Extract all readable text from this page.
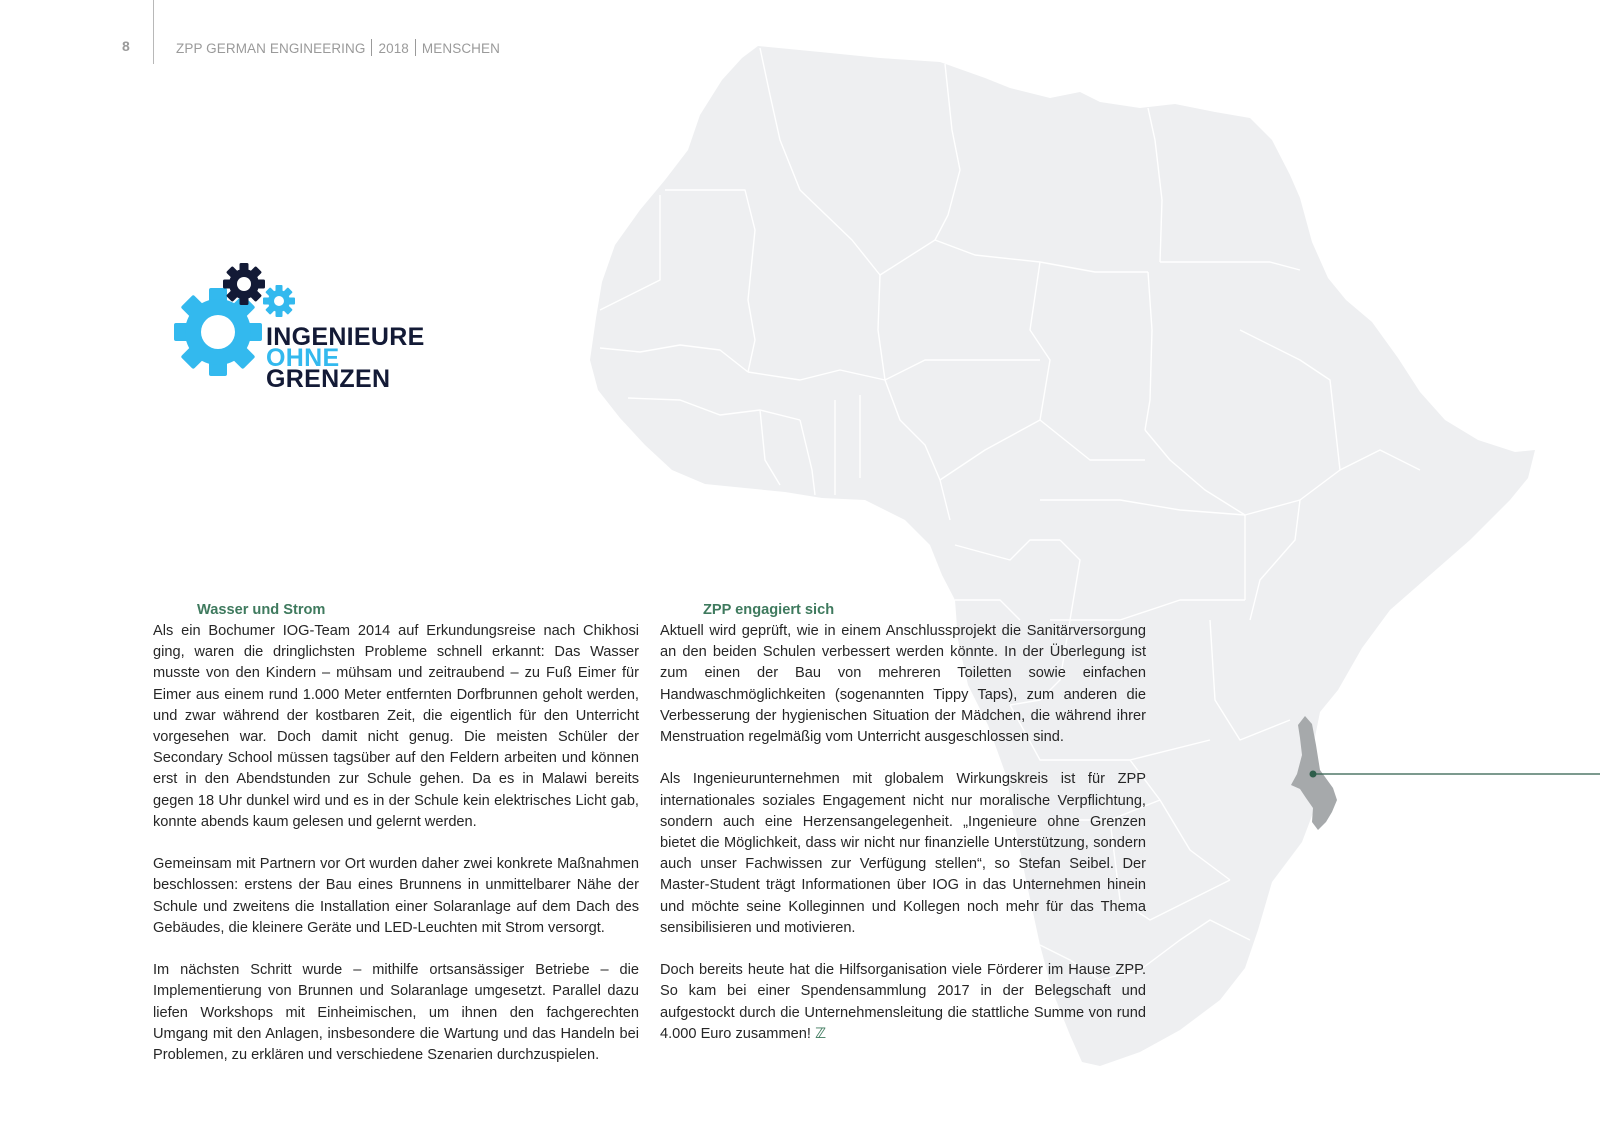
8	ZPP GERMAN ENGINEERING 2018 MENSCHEN
INGENIEURE
OHNE
GRENZEN
Wasser und Strom

Als ein Bochumer IOG-Team 2014 auf Erkundungsreise nach Chikhosi ging, waren die dringlichsten Probleme schnell erkannt: Das Wasser musste von den Kindern – mühsam und zeitraubend – zu Fuß Eimer für Eimer aus einem rund 1.000 Meter entfernten Dorfbrunnen geholt werden, und zwar während der kostbaren Zeit, die eigentlich für den Unterricht vorgesehen war. Doch damit nicht genug. Die meisten Schüler der Secondary School müssen tagsüber auf den Feldern arbeiten und können erst in den Abendstunden zur Schule gehen. Da es in Malawi bereits gegen 18 Uhr dunkel wird und es in der Schule kein elektrisches Licht gab, konnte abends kaum gelesen und gelernt werden.

Gemeinsam mit Partnern vor Ort wurden daher zwei konkrete Maßnahmen beschlossen: erstens der Bau eines Brunnens in unmittelbarer Nähe der Schule und zweitens die Installation einer Solaranlage auf dem Dach des Gebäudes, die kleinere Geräte und LED-Leuchten mit Strom versorgt.

Im nächsten Schritt wurde – mithilfe ortsansässiger Betriebe – die Implementierung von Brunnen und Solaranlage umgesetzt. Parallel dazu liefen Workshops mit Einheimischen, um ihnen den fachgerechten Umgang mit den Anlagen, insbesondere die Wartung und das Handeln bei Problemen, zu erklären und verschiedene Szenarien durchzuspielen.

ZPP engagiert sich

Aktuell wird geprüft, wie in einem Anschlussprojekt die Sanitärversorgung an den beiden Schulen verbessert werden könnte. In der Überlegung ist zum einen der Bau von mehreren Toiletten sowie einfachen Handwaschmöglichkeiten (sogenannten Tippy Taps), zum anderen die Verbesserung der hygienischen Situation der Mädchen, die während ihrer Menstruation regelmäßig vom Unterricht ausgeschlossen sind.

Als Ingenieurunternehmen mit globalem Wirkungskreis ist für ZPP internationales soziales Engagement nicht nur moralische Verpflichtung, sondern auch eine Herzensangelegenheit. „Ingenieure ohne Grenzen bietet die Möglichkeit, dass wir nicht nur finanzielle Unterstützung, sondern auch unser Fachwissen zur Verfügung stellen“, so Stefan Seibel. Der Master-Student trägt Informationen über IOG in das Unternehmen hinein und möchte seine Kolleginnen und Kollegen noch mehr für das Thema sensibilisieren und motivieren.

Doch bereits heute hat die Hilfsorganisation viele Förderer im Hause ZPP. So kam bei einer Spendensammlung 2017 in der Belegschaft und aufgestockt durch die Unternehmensleitung die stattliche Summe von rund 4.000 Euro zusammen! ℤ
